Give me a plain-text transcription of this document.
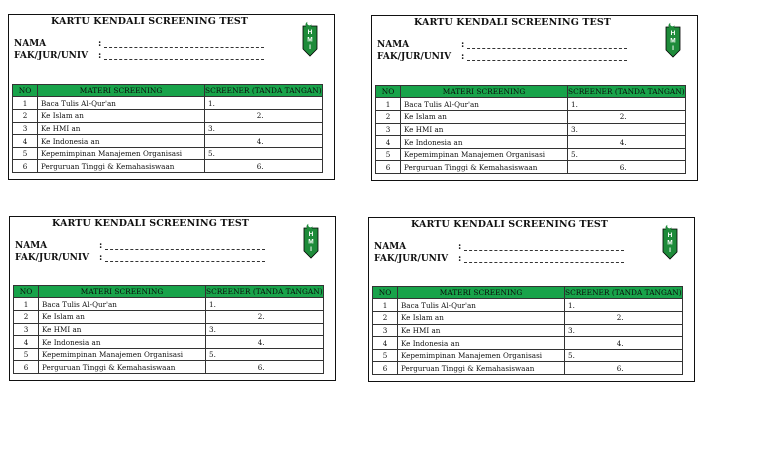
KARTU KENDALI SCREENING TEST
NAMA	:
FAK/JUR/UNIV :
H
M
I
NO	MATERI SCREENING	SCREENER (TANDA TANGAN)
1	Baca Tulis Al-Qur'an	1.
2	Ke Islam an	2.
3	Ke HMI an	3.
4	Ke Indonesia an	4.
5	Kepemimpinan Manajemen Organisasi	5.
6	Perguruan Tinggi & Kemahasiswaan	6.
KARTU KENDALI SCREENING TEST
NAMA	:
FAK/JUR/UNIV :
H
M
I
NO	MATERI SCREENING	SCREENER (TANDA TANGAN)
1	Baca Tulis Al-Qur'an	1.
2	Ke Islam an	2.
3	Ke HMI an	3.
4	Ke Indonesia an	4.
5	Kepemimpinan Manajemen Organisasi	5.
6	Perguruan Tinggi & Kemahasiswaan	6.
KARTU KENDALI SCREENING TEST
NAMA	:
FAK/JUR/UNIV :
H
M
I
NO	MATERI SCREENING	SCREENER (TANDA TANGAN)
1	Baca Tulis Al-Qur'an	1.
2	Ke Islam an	2.
3	Ke HMI an	3.
4	Ke Indonesia an	4.
5	Kepemimpinan Manajemen Organisasi	5.
6	Perguruan Tinggi & Kemahasiswaan	6.
KARTU KENDALI SCREENING TEST
NAMA	:
FAK/JUR/UNIV :
H
M
I
NO	MATERI SCREENING	SCREENER (TANDA TANGAN)
1	Baca Tulis Al-Qur'an	1.
2	Ke Islam an	2.
3	Ke HMI an	3.
4	Ke Indonesia an	4.
5	Kepemimpinan Manajemen Organisasi	5.
6	Perguruan Tinggi & Kemahasiswaan	6.
